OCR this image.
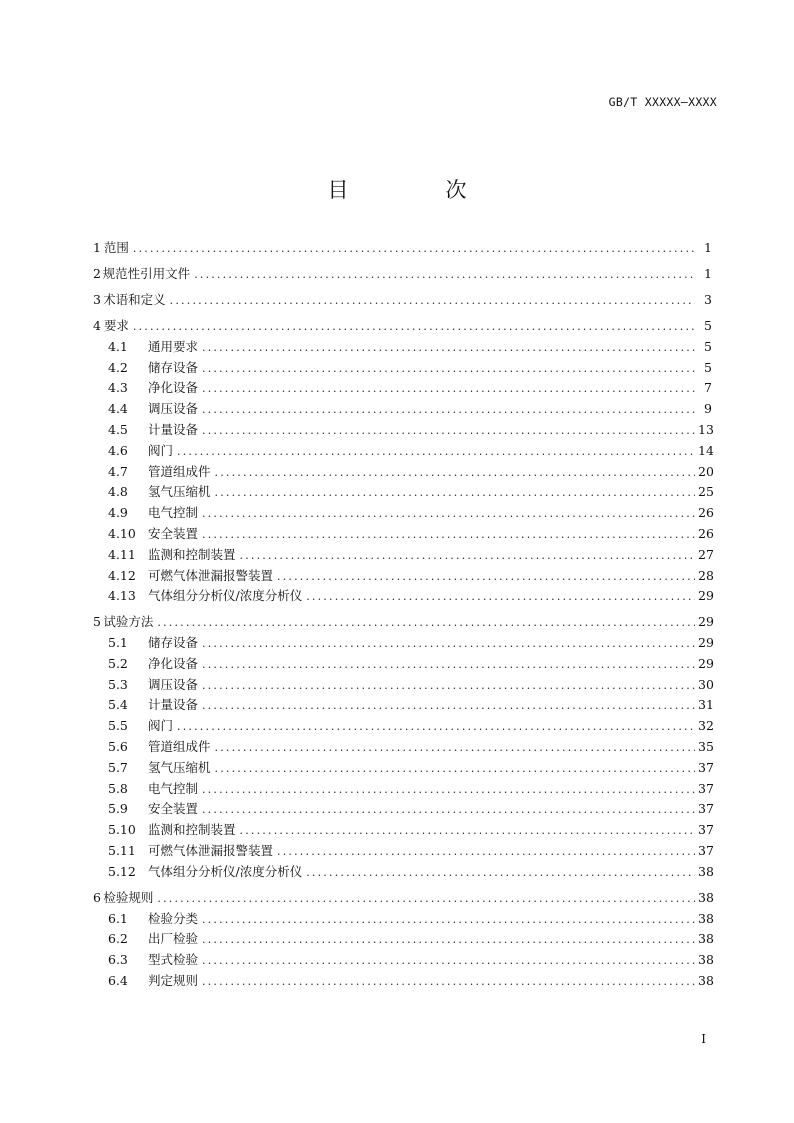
GB/T XXXXX—XXXX
目　次
1 范围 .....	1
2 规范性引用文件 .....	1
3 术语和定义 .....	3
4 要求 .....	5
4.1	通用要求 .....	5
4.2	储存设备 .....	5
4.3	净化设备 .....	7
4.4	调压设备 .....	9
4.5	计量设备 .....	13
4.6	阀门 .....	14
4.7	管道组成件 .....	20
4.8	氢气压缩机 .....	25
4.9	电气控制 .....	26
4.10 安全装置 .....	26
4.11 监测和控制装置 .....	27
4.12 可燃气体泄漏报警装置 .....	28
4.13 气体组分分析仪/浓度分析仪 .....	29
5 试验方法 .....	29
5.1	储存设备 .....	29
5.2	净化设备 .....	29
5.3	调压设备 .....	30
5.4	计量设备 .....	31
5.5	阀门 .....	32
5.6	管道组成件 .....	35
5.7	氢气压缩机 .....	37
5.8	电气控制 .....	37
5.9	安全装置 .....	37
5.10 监测和控制装置 .....	37
5.11 可燃气体泄漏报警装置 .....	37
5.12 气体组分分析仪/浓度分析仪 .....	38
6 检验规则 .....	38
6.1	检验分类 .....	38
6.2	出厂检验 .....	38
6.3	型式检验 .....	38
6.4	判定规则 .....	38
I
